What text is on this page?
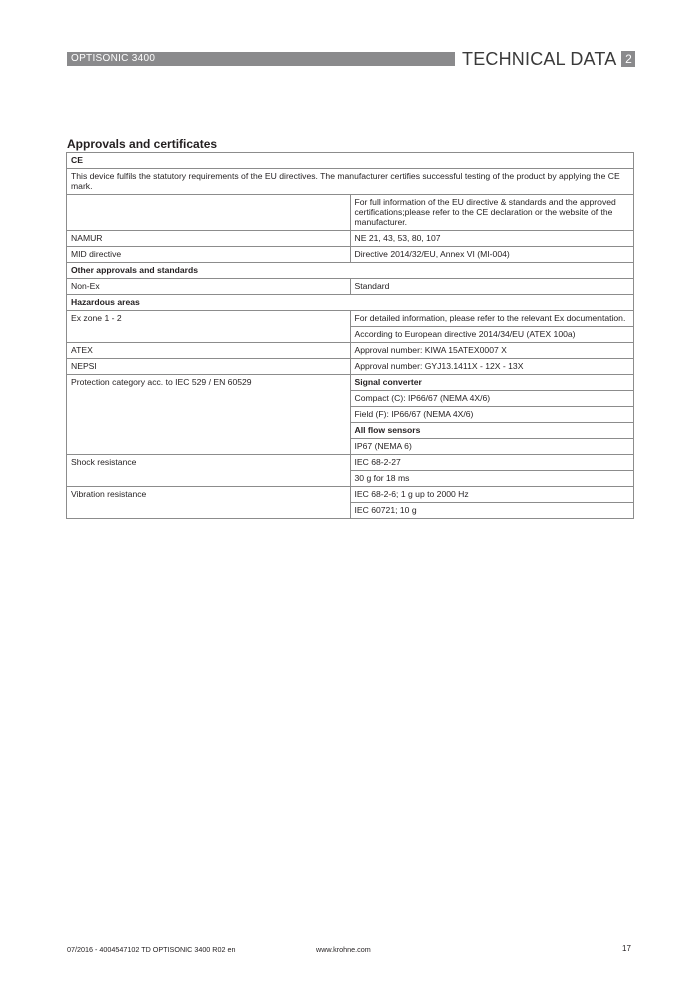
OPTISONIC 3400	TECHNICAL DATA 2
Approvals and certificates
CE	
This device fulfils the statutory requirements of the EU directives. The manufacturer certifies successful testing of the product by applying the CE mark.	
	For full information of the EU directive & standards and the approved certifications;please refer to the CE declaration or the website of the manufacturer.
NAMUR	NE 21, 43, 53, 80, 107
MID directive	Directive 2014/32/EU, Annex VI (MI-004)
Other approvals and standards	
Non-Ex	Standard
Hazardous areas	
Ex zone 1 - 2	For detailed information, please refer to the relevant Ex documentation.
	According to European directive 2014/34/EU (ATEX 100a)
ATEX	Approval number: KIWA 15ATEX0007 X
NEPSI	Approval number: GYJ13.1411X - 12X - 13X
Protection category acc. to IEC 529 / EN 60529	Signal converter
	Compact (C): IP66/67 (NEMA 4X/6)
	Field (F): IP66/67 (NEMA 4X/6)
	All flow sensors
	IP67 (NEMA 6)
Shock resistance	IEC 68-2-27
	30 g for 18 ms
Vibration resistance	IEC 68-2-6; 1 g up to 2000 Hz
	IEC 60721; 10 g
07/2016 - 4004547102 TD OPTISONIC 3400 R02 en	www.krohne.com	17
